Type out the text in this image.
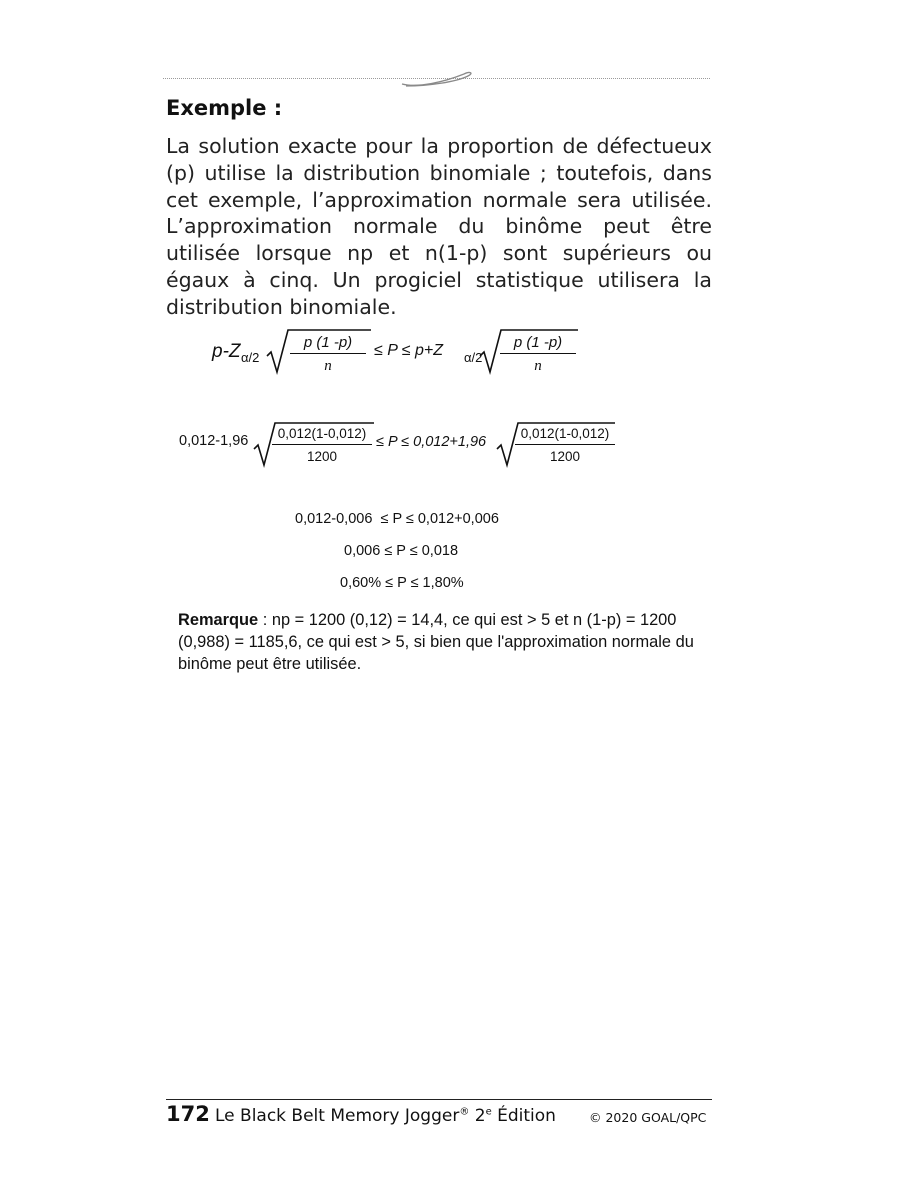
Exemple :
La solution exacte pour la proportion de défectueux (p) utilise la distribution binomiale ; toutefois, dans cet exemple, l’approximation normale sera utilisée. L’approximation normale du binôme peut être utilisée lorsque np et n(1-p) sont supérieurs ou égaux à cinq. Un progiciel statistique utilisera la distribution binomiale.
p-Z $\alpha/2 \frac{p (1 -p)}{n} \le P \le p+Z$ $\alpha/2 \frac{p (1 -p)}{n}$
$0,012-1,96 \frac{0,012(1-0,012)}{1200} \le P \le 0,012+1,96 \frac{0,012(1-0,012)}{1200}$
0,012-0,006  ≤ P ≤ 0,012+0,006
0,006 ≤ P ≤ 0,018
0,60% ≤ P ≤ 1,80%
Remarque : np = 1200 (0,12) = 14,4, ce qui est > 5 et n (1-p) = 1200 (0,988) = 1185,6, ce qui est > 5, si bien que l'approximation normale du binôme peut être utilisée.
172 Le Black Belt Memory Jogger® 2e Édition	© 2020 GOAL/QPC
